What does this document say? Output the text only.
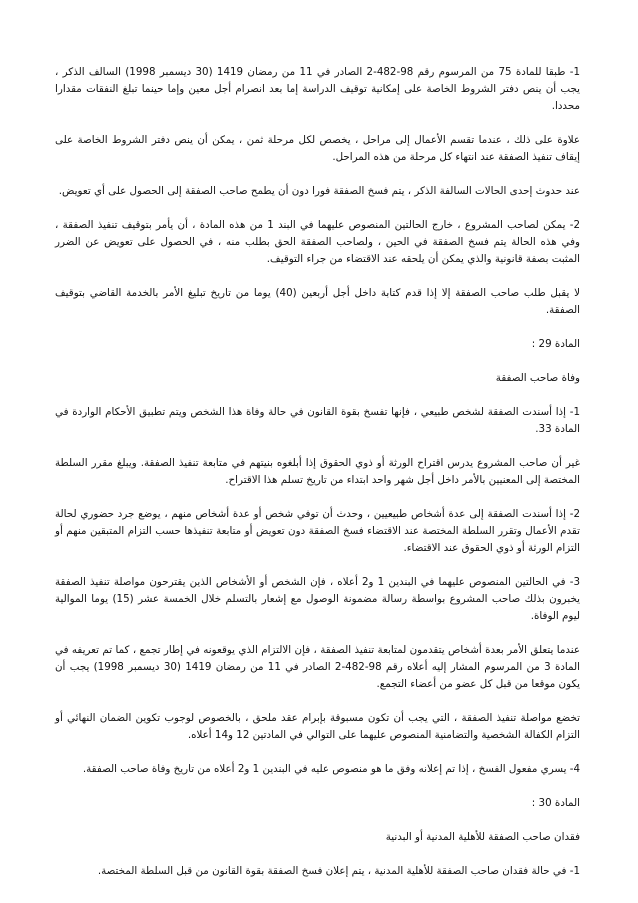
1- طبقا للمادة 75 من المرسوم رقم 98-482-2 الصادر في 11 من رمضان 1419 (30 ديسمبر 1998) السالف الذكر ، يجب أن ينص دفتر الشروط الخاصة على إمكانية توقيف الدراسة إما بعد انصرام أجل معين وإما حينما تبلغ النفقات مقدارا محددا.

علاوة على ذلك ، عندما تقسم الأعمال إلى مراحل ، يخصص لكل مرحلة ثمن ، يمكن أن ينص دفتر الشروط الخاصة على إيقاف تنفيذ الصفقة عند انتهاء كل مرحلة من هذه المراحل.

عند حدوث إحدى الحالات السالفة الذكر ، يتم فسخ الصفقة فورا دون أن يطمح صاحب الصفقة إلى الحصول على أي تعويض.

2- يمكن لصاحب المشروع ، خارج الحالتين المنصوص عليهما في البند 1 من هذه المادة ، أن يأمر بتوقيف تنفيذ الصفقة ، وفي هذه الحالة يتم فسخ الصفقة في الحين ، ولصاحب الصفقة الحق بطلب منه ، في الحصول على تعويض عن الضرر المثبت بصفة قانونية والذي يمكن أن يلحقه عند الاقتضاء من جراء التوقيف.

لا يقبل طلب صاحب الصفقة إلا إذا قدم كتابة داخل أجل أربعين (40) يوما من تاريخ تبليغ الأمر بالخدمة القاضي بتوقيف الصفقة.

المادة 29 :

وفاة صاحب الصفقة

1- إذا أسندت الصفقة لشخص طبيعي ، فإنها تفسخ بقوة القانون في حالة وفاة هذا الشخص ويتم تطبيق الأحكام الواردة في المادة 33.

غير أن صاحب المشروع يدرس اقتراح الورثة أو ذوي الحقوق إذا أبلغوه بنيتهم في متابعة تنفيذ الصفقة. ويبلغ مقرر السلطة المختصة إلى المعنيين بالأمر داخل أجل شهر واحد ابتداء من تاريخ تسلم هذا الاقتراح.

2- إذا أسندت الصفقة إلى عدة أشخاص طبيعيين ، وحدث أن توفي شخص أو عدة أشخاص منهم ، يوضع جرد حضوري لحالة تقدم الأعمال وتقرر السلطة المختصة عند الاقتضاء فسخ الصفقة دون تعويض أو متابعة تنفيذها حسب التزام المتبقين منهم أو التزام الورثة أو ذوي الحقوق عند الاقتضاء.

3- في الحالتين المنصوص عليهما في البندين 1 و2 أعلاه ، فإن الشخص أو الأشخاص الذين يقترحون مواصلة تنفيذ الصفقة يخبرون بذلك صاحب المشروع بواسطة رسالة مضمونة الوصول مع إشعار بالتسلم خلال الخمسة عشر (15) يوما الموالية ليوم الوفاة.

عندما يتعلق الأمر بعدة أشخاص يتقدمون لمتابعة تنفيذ الصفقة ، فإن الالتزام الذي يوقعونه في إطار تجمع ، كما تم تعريفه في المادة 3 من المرسوم المشار إليه أعلاه رقم 98-482-2 الصادر في 11 من رمضان 1419 (30 ديسمبر 1998) يجب أن يكون موقعا من قبل كل عضو من أعضاء التجمع.

تخضع مواصلة تنفيذ الصفقة ، التي يجب أن تكون مسبوقة بإبرام عقد ملحق ، بالخصوص لوجوب تكوين الضمان النهائي أو التزام الكفالة الشخصية والتضامنية المنصوص عليهما على التوالي في المادتين 12 و14 أعلاه.

4- يسري مفعول الفسخ ، إذا تم إعلانه وفق ما هو منصوص عليه في البندين 1 و2 أعلاه من تاريخ وفاة صاحب الصفقة.

المادة 30 :

فقدان صاحب الصفقة للأهلية المدنية أو البدنية

1- في حالة فقدان صاحب الصفقة للأهلية المدنية ، يتم إعلان فسخ الصفقة بقوة القانون من قبل السلطة المختصة.
